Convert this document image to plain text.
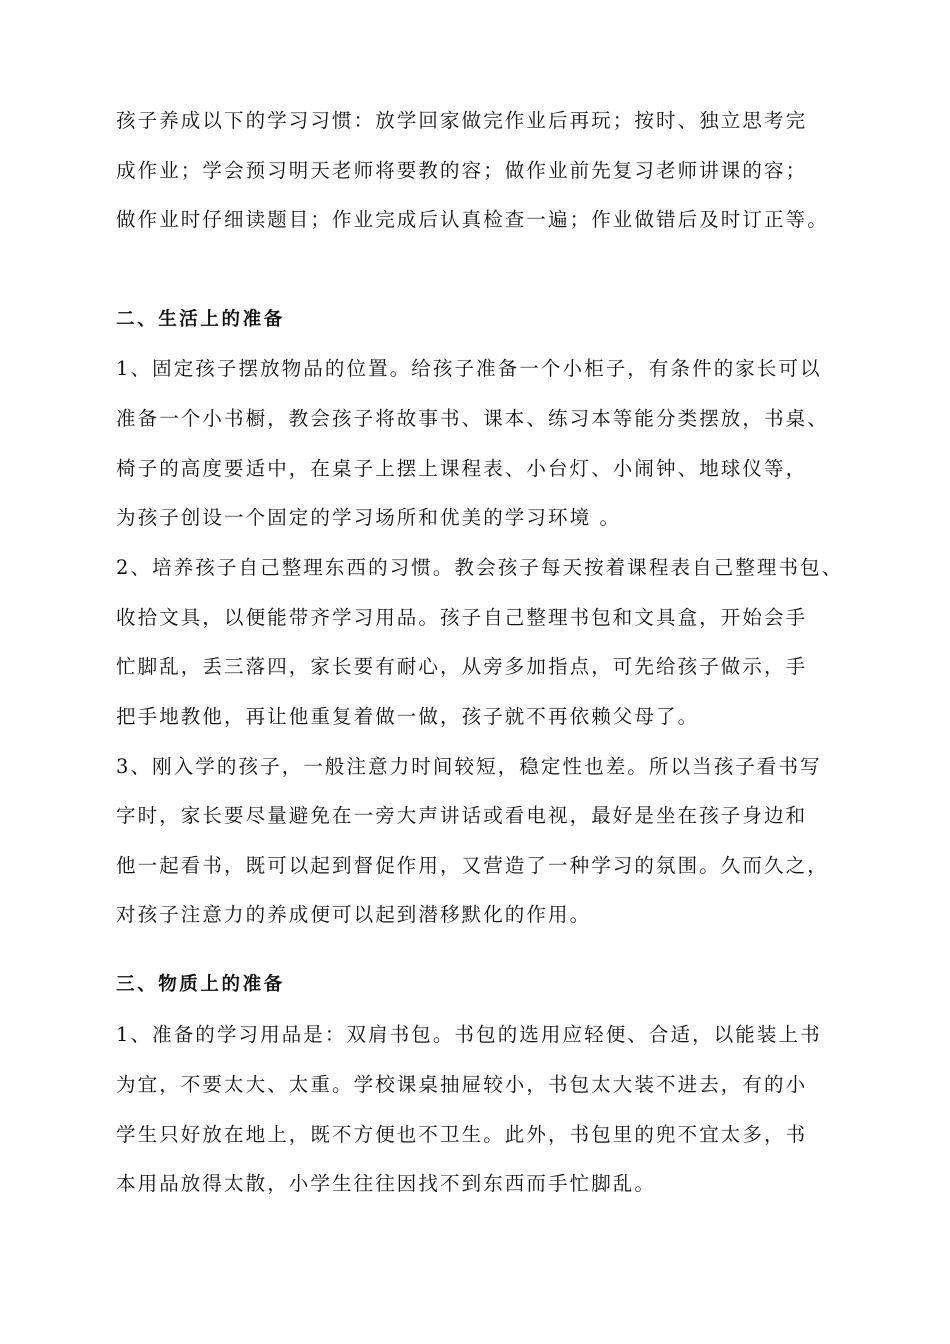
孩子养成以下的学习习惯：放学回家做完作业后再玩；按时、独立思考完
成作业；学会预习明天老师将要教的容；做作业前先复习老师讲课的容；
做作业时仔细读题目；作业完成后认真检查一遍；作业做错后及时订正等。
二、生活上的准备
1、固定孩子摆放物品的位置。给孩子准备一个小柜子，有条件的家长可以
准备一个小书橱，教会孩子将故事书、课本、练习本等能分类摆放，书桌、
椅子的高度要适中，在桌子上摆上课程表、小台灯、小闹钟、地球仪等，
为孩子创设一个固定的学习场所和优美的学习环境 。
2、培养孩子自己整理东西的习惯。教会孩子每天按着课程表自己整理书包、
收拾文具，以便能带齐学习用品。孩子自己整理书包和文具盒，开始会手
忙脚乱，丢三落四，家长要有耐心，从旁多加指点，可先给孩子做示，手
把手地教他，再让他重复着做一做，孩子就不再依赖父母了。
3、刚入学的孩子，一般注意力时间较短，稳定性也差。所以当孩子看书写
字时，家长要尽量避免在一旁大声讲话或看电视，最好是坐在孩子身边和
他一起看书，既可以起到督促作用，又营造了一种学习的氛围。久而久之，
对孩子注意力的养成便可以起到潜移默化的作用。
三、物质上的准备
1、准备的学习用品是：双肩书包。书包的选用应轻便、合适，以能装上书
为宜，不要太大、太重。学校课桌抽屉较小，书包太大装不进去，有的小
学生只好放在地上，既不方便也不卫生。此外，书包里的兜不宜太多，书
本用品放得太散，小学生往往因找不到东西而手忙脚乱。
